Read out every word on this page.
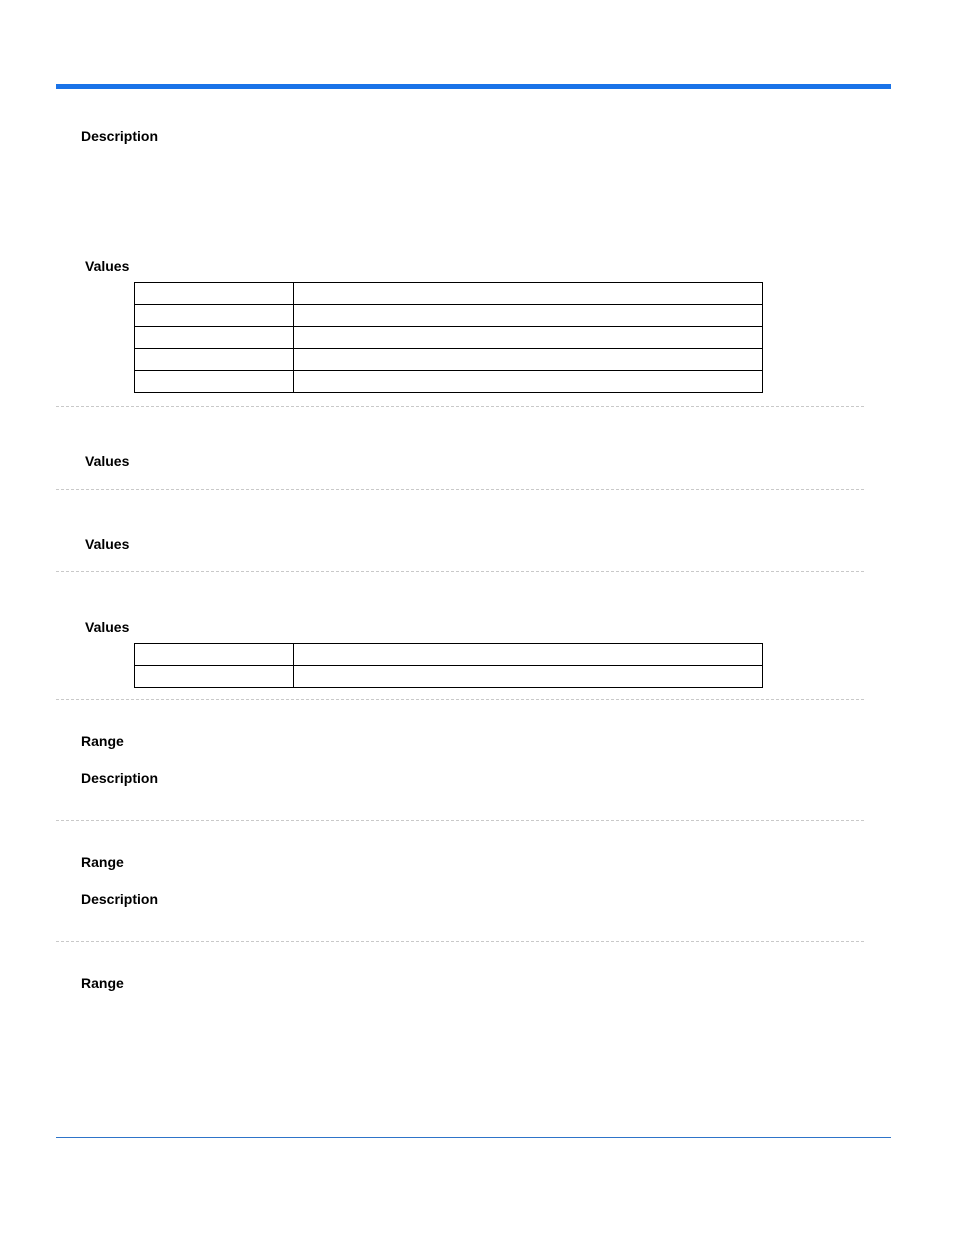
Description
Values

Values
Values
Values

Range
Description
Range
Description
Range
